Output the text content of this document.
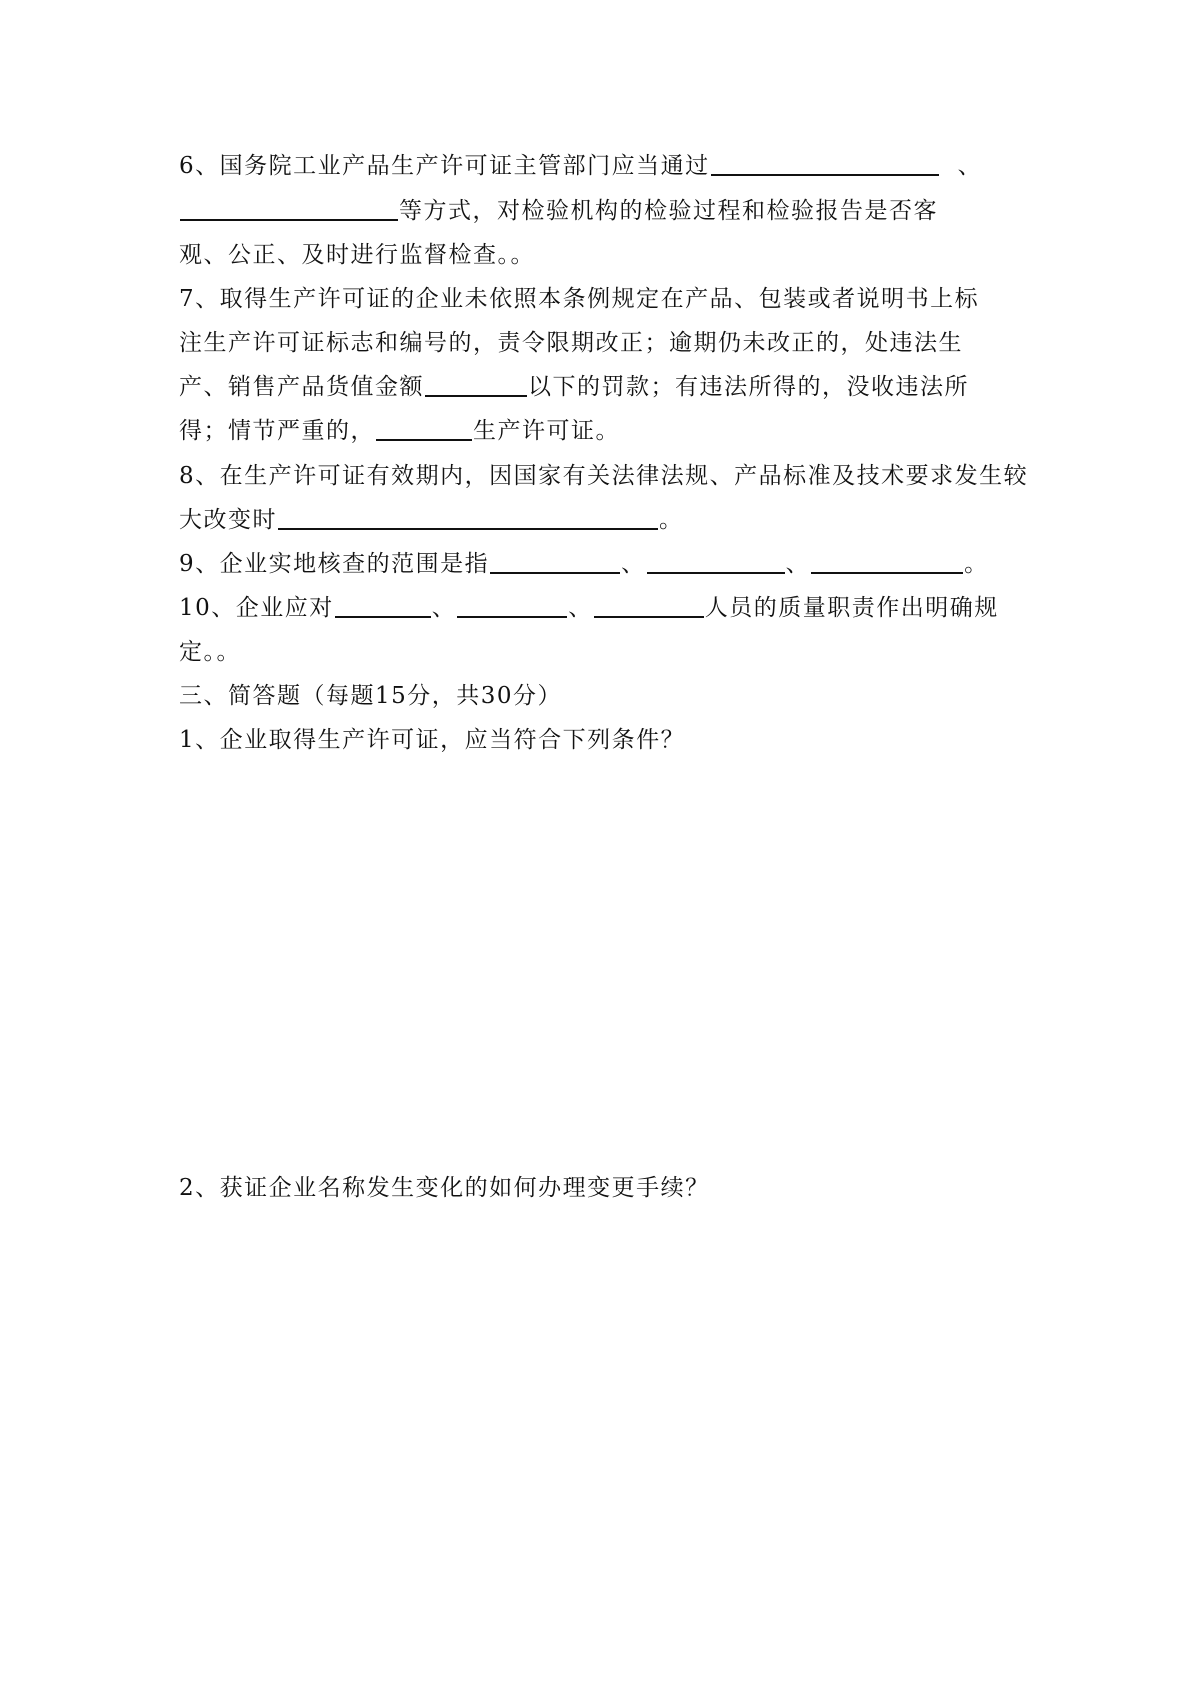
6、国务院工业产品生产许可证主管部门应当通过	、
等方式，对检验机构的检验过程和检验报告是否客
观、公正、及时进行监督检查。。
7、取得生产许可证的企业未依照本条例规定在产品、包装或者说明书上标
注生产许可证标志和编号的，责令限期改正；逾期仍未改正的，处违法生
产、销售产品货值金额	以下的罚款；有违法所得的，没收违法所
得；情节严重的，	生产许可证。
8、在生产许可证有效期内，因国家有关法律法规、产品标准及技术要求发生较
大改变时	。
9、企业实地核查的范围是指	、	、	。
10、企业应对	、	、	人员的质量职责作出明确规
定。。
三、简答题（每题15分，共30分）
1、企业取得生产许可证，应当符合下列条件？
2、获证企业名称发生变化的如何办理变更手续？
